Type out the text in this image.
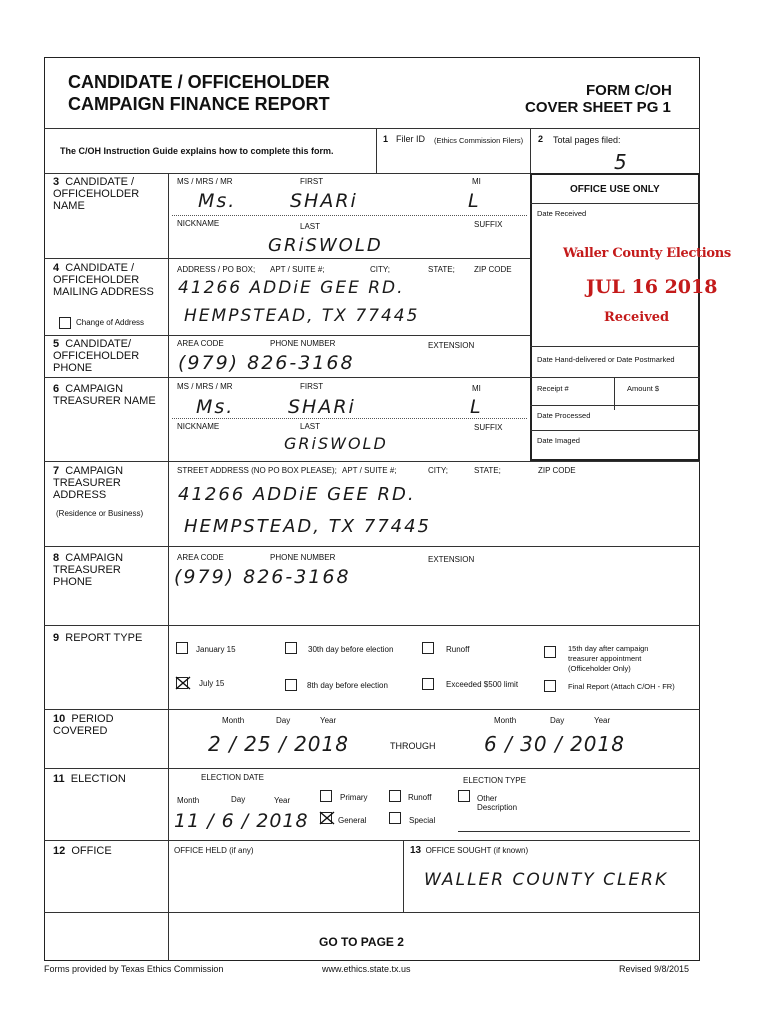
CANDIDATE / OFFICEHOLDER
CAMPAIGN FINANCE REPORT
FORM C/OH
COVER SHEET PG 1
The C/OH Instruction Guide explains how to complete this form.
1 Filer ID (Ethics Commission Filers) 2 Total pages filed:
5
3 CANDIDATE / OFFICEHOLDER NAME
MS / MRS / MR	FIRST	MI
Ms.	SHARi	L
NICKNAME	LAST	SUFFIX
GRiSWOLD
OFFICE USE ONLY
Date Received
Waller County Elections
JUL 16 2018
Received
Date Hand-delivered or Date Postmarked
Receipt #	Amount $
Date Processed
Date Imaged
4 CANDIDATE / OFFICEHOLDER MAILING ADDRESS
Change of Address
ADDRESS / PO BOX; APT / SUITE #;	CITY;	STATE; ZIP CODE
41266 ADDiE GEE RD.
HEMPSTEAD, TX 77445
5 CANDIDATE/ OFFICEHOLDER PHONE
AREA CODE	PHONE NUMBER	EXTENSION
(979) 826-3168
6 CAMPAIGN TREASURER NAME
MS / MRS / MR	FIRST	MI
Ms.	SHARi	L
NICKNAME	LAST	SUFFIX
GRiSWOLD
7 CAMPAIGN TREASURER ADDRESS
(Residence or Business)
STREET ADDRESS (NO PO BOX PLEASE); APT / SUITE #;	CITY;	STATE;	ZIP CODE
41266 ADDiE GEE RD.
HEMPSTEAD, TX 77445
8 CAMPAIGN TREASURER PHONE
AREA CODE	PHONE NUMBER	EXTENSION
(979) 826-3168
9 REPORT TYPE
January 15	30th day before election	Runoff	15th day after campaign
treasurer appointment
(Officeholder Only)
July 15	8th day before election	Exceeded $500 limit	Final Report (Attach C/OH - FR)
10 PERIOD COVERED
Month	Day	Year	Month	Day	Year
2 / 25 / 2018	THROUGH 6 / 30 / 2018
11 ELECTION	ELECTION DATE	ELECTION TYPE
Month	Day	Year
11 / 6 / 2018
Primary	Runoff	Other
Description
General	Special
12 OFFICE	OFFICE HELD (if any)	13 OFFICE SOUGHT (if known)
WALLER COUNTY CLERK
GO TO PAGE 2
Forms provided by Texas Ethics Commission	www.ethics.state.tx.us	Revised 9/8/2015
